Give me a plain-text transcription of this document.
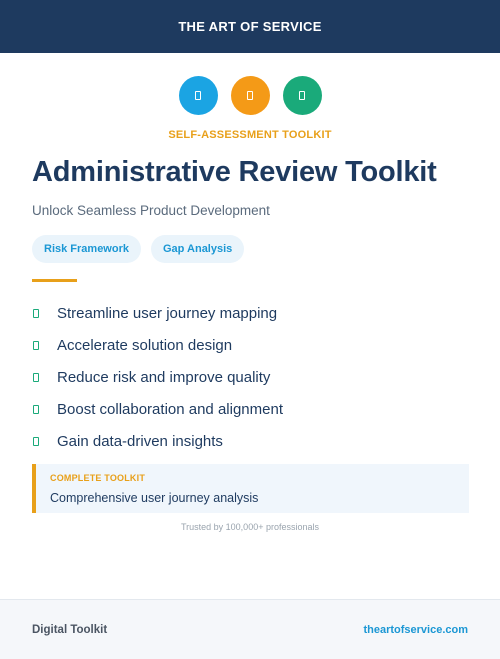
THE ART OF SERVICE
SELF-ASSESSMENT TOOLKIT
Administrative Review Toolkit
Unlock Seamless Product Development
Risk Framework	Gap Analysis
Streamline user journey mapping
Accelerate solution design
Reduce risk and improve quality
Boost collaboration and alignment
Gain data-driven insights
COMPLETE TOOLKIT
Comprehensive user journey analysis
Trusted by 100,000+ professionals
Digital Toolkit	theartofservice.com
